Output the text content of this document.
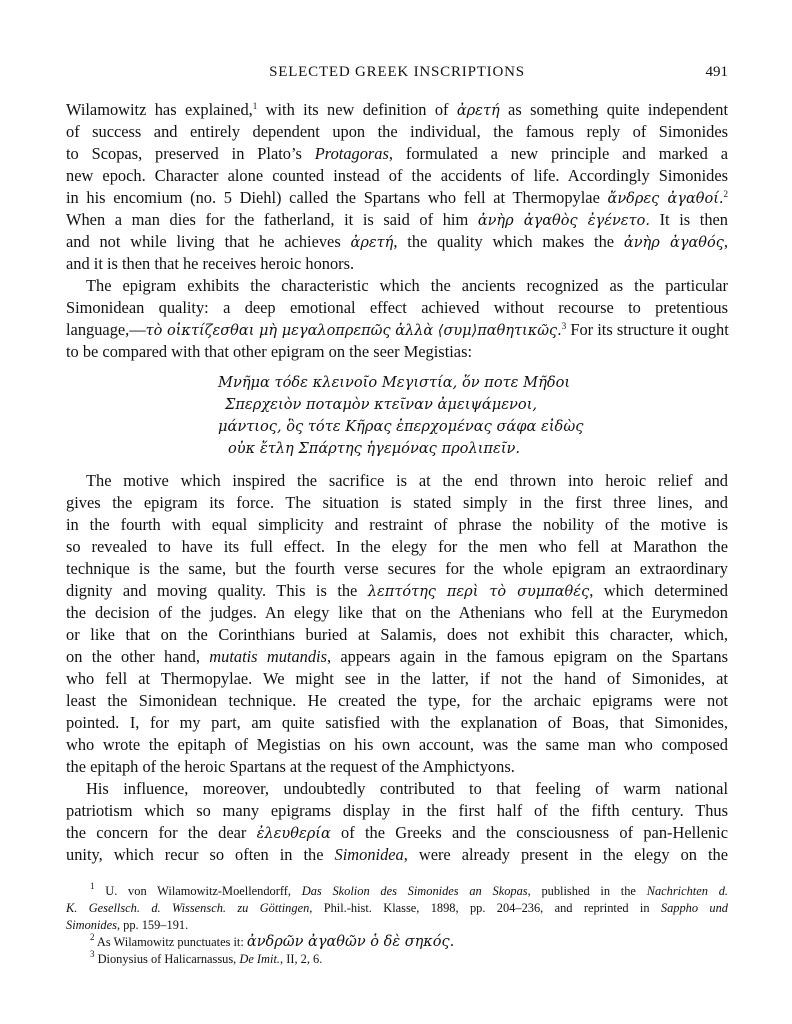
SELECTED GREEK INSCRIPTIONS	491
Wilamowitz has explained,$^1$ with its new definition of ἀρετή as something quite independent
of success and entirely dependent upon the individual, the famous reply of Simonides
to Scopas, preserved in Plato’s Protagoras, formulated a new principle and marked a
new epoch. Character alone counted instead of the accidents of life. Accordingly Simonides
in his encomium (no. 5 Diehl) called the Spartans who fell at Thermopylae ἄνδρες ἀγαθοί.$^2$
When a man dies for the fatherland, it is said of him ἀνὴρ ἀγαθὸς ἐγένετο. It is then
and not while living that he achieves ἀρετή, the quality which makes the ἀνὴρ ἀγαθός,
and it is then that he receives heroic honors.
The epigram exhibits the characteristic which the ancients recognized as the particular
Simonidean quality: a deep emotional effect achieved without recourse to pretentious
language,—τὸ οἰκτίζεσθαι μὴ μεγαλοπρεπῶς ἀλλὰ ⟨συμ⟩παθητικῶς.$^3$ For its structure it ought
to be compared with that other epigram on the seer Megistias:
Μνῆμα τόδε κλεινοῖο Μεγιστία, ὅν ποτε Μῆδοι
Σπερχειὸν ποταμὸν κτεῖναν ἀμειψάμενοι,
μάντιος, ὃς τότε Κῆρας ἐπερχομένας σάφα εἰδὼς
οὐκ ἔτλη Σπάρτης ἡγεμόνας προλιπεῖν.
The motive which inspired the sacrifice is at the end thrown into heroic relief and
gives the epigram its force. The situation is stated simply in the first three lines, and
in the fourth with equal simplicity and restraint of phrase the nobility of the motive is
so revealed to have its full effect. In the elegy for the men who fell at Marathon the
technique is the same, but the fourth verse secures for the whole epigram an extraordinary
dignity and moving quality. This is the λεπτότης περὶ τὸ συμπαθές, which determined
the decision of the judges. An elegy like that on the Athenians who fell at the Eurymedon
or like that on the Corinthians buried at Salamis, does not exhibit this character, which,
on the other hand, mutatis mutandis, appears again in the famous epigram on the Spartans
who fell at Thermopylae. We might see in the latter, if not the hand of Simonides, at
least the Simonidean technique. He created the type, for the archaic epigrams were not
pointed. I, for my part, am quite satisfied with the explanation of Boas, that Simonides,
who wrote the epitaph of Megistias on his own account, was the same man who composed
the epitaph of the heroic Spartans at the request of the Amphictyons.
His influence, moreover, undoubtedly contributed to that feeling of warm national
patriotism which so many epigrams display in the first half of the fifth century. Thus
the concern for the dear ἐλευθερία of the Greeks and the consciousness of pan-Hellenic
unity, which recur so often in the Simonidea, were already present in the elegy on the
$^1$ U. von Wilamowitz-Moellendorff, Das Skolion des Simonides an Skopas, published in the Nachrichten d.
K. Gesellsch. d. Wissensch. zu Göttingen, Phil.-hist. Klasse, 1898, pp. 204–236, and reprinted in Sappho und
Simonides, pp. 159–191.
$^2$ As Wilamowitz punctuates it: ἀνδρῶν ἀγαθῶν ὁ δὲ σηκός.
$^3$ Dionysius of Halicarnassus, De Imit., II, 2, 6.
